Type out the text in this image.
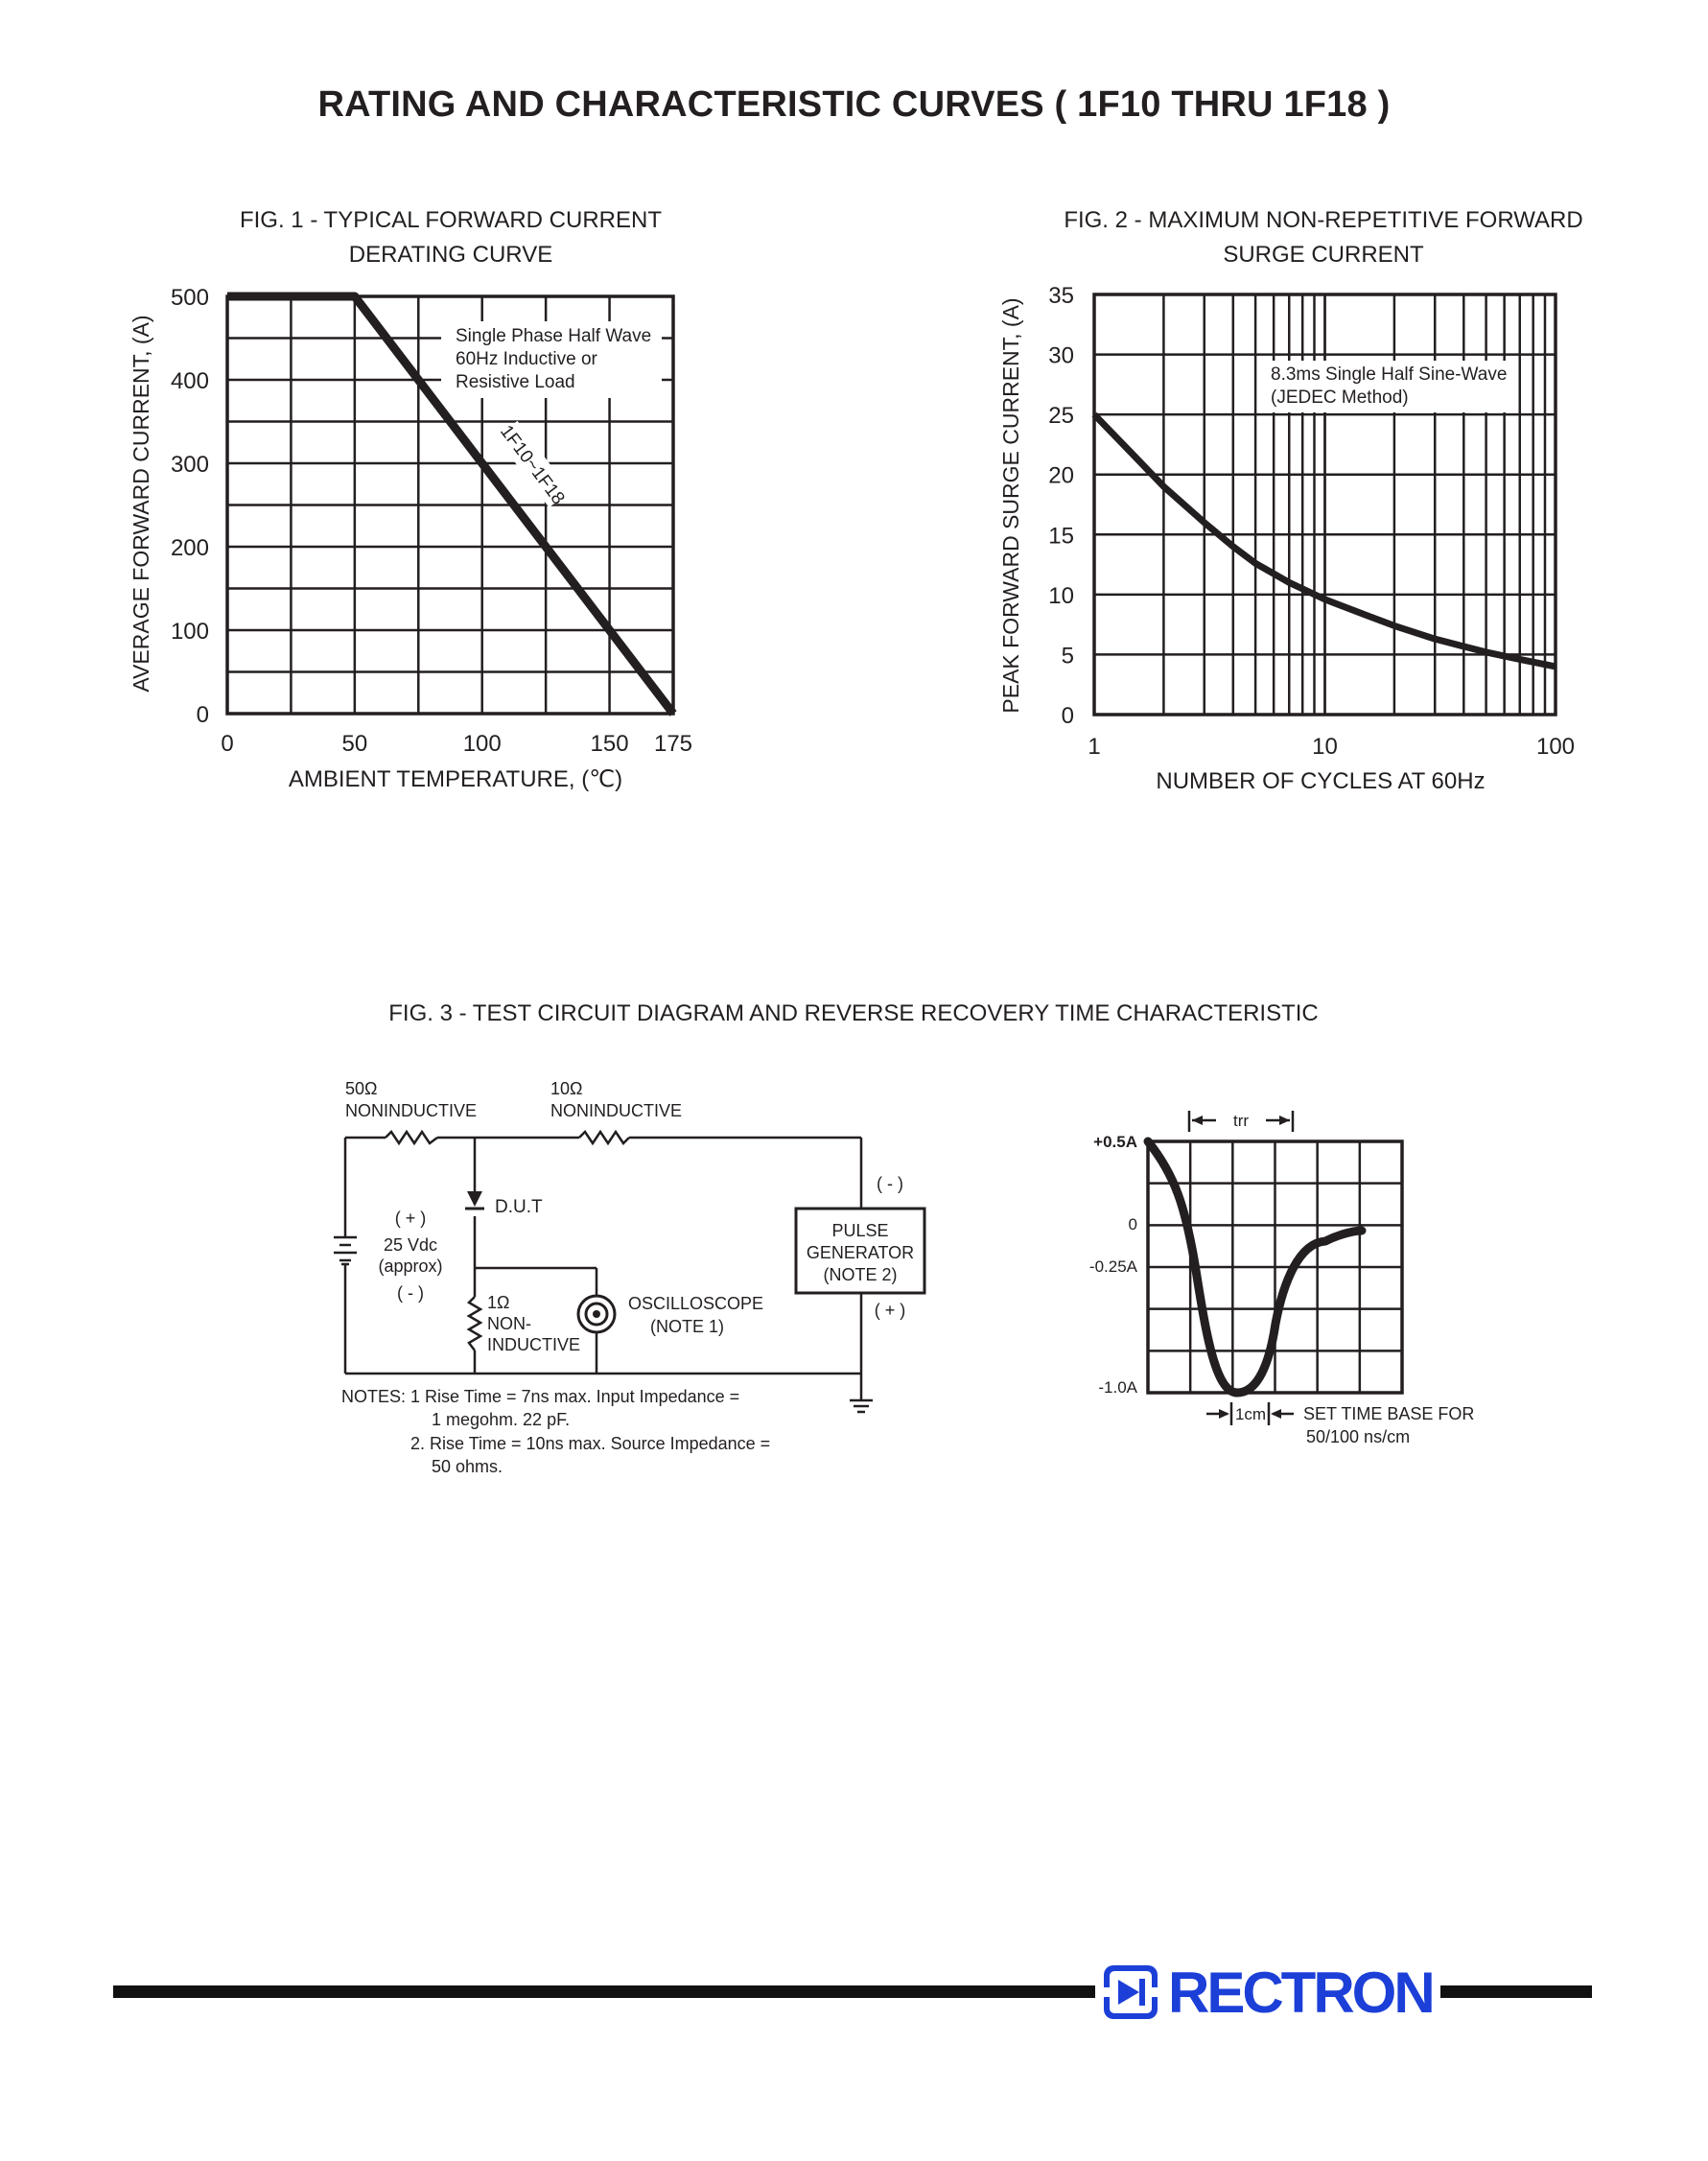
RATING AND CHARACTERISTIC CURVES ( 1F10 THRU 1F18 )
FIG. 1 - TYPICAL FORWARD CURRENT
DERATING CURVE
FIG. 2 - MAXIMUM NON-REPETITIVE FORWARD
SURGE CURRENT
0	50	100	150 175
0
100
200
300
400
500
Single Phase Half Wave
60Hz Inductive or
Resistive Load
1F10~1F18
AMBIENT TEMPERATURE, (℃)
AVERAGE FORWARD CURRENT, (A)
1	10	100
0
5
10
15
20
25
30
35
8.3ms Single Half Sine-Wave
(JEDEC Method)
NUMBER OF CYCLES AT 60Hz
PEAK FORWARD SURGE CURRENT, (A)
FIG. 3 - TEST CIRCUIT DIAGRAM AND REVERSE RECOVERY TIME CHARACTERISTIC
50Ω
NONINDUCTIVE
10Ω
NONINDUCTIVE
D.U.T
( + )
25 Vdc
(approx)
( - )	1Ω
NON-
INDUCTIVE
OSCILLOSCOPE
(NOTE 1)
PULSE
GENERATOR
(NOTE 2)
( - )
( + )
NOTES: 1 Rise Time = 7ns max. Input Impedance =
1 megohm. 22 pF.
2. Rise Time = 10ns max. Source Impedance =
50 ohms.
trr
+0.5A
0
-0.25A
-1.0A
1cm SET TIME BASE FOR
50/100 ns/cm
RECTRON
